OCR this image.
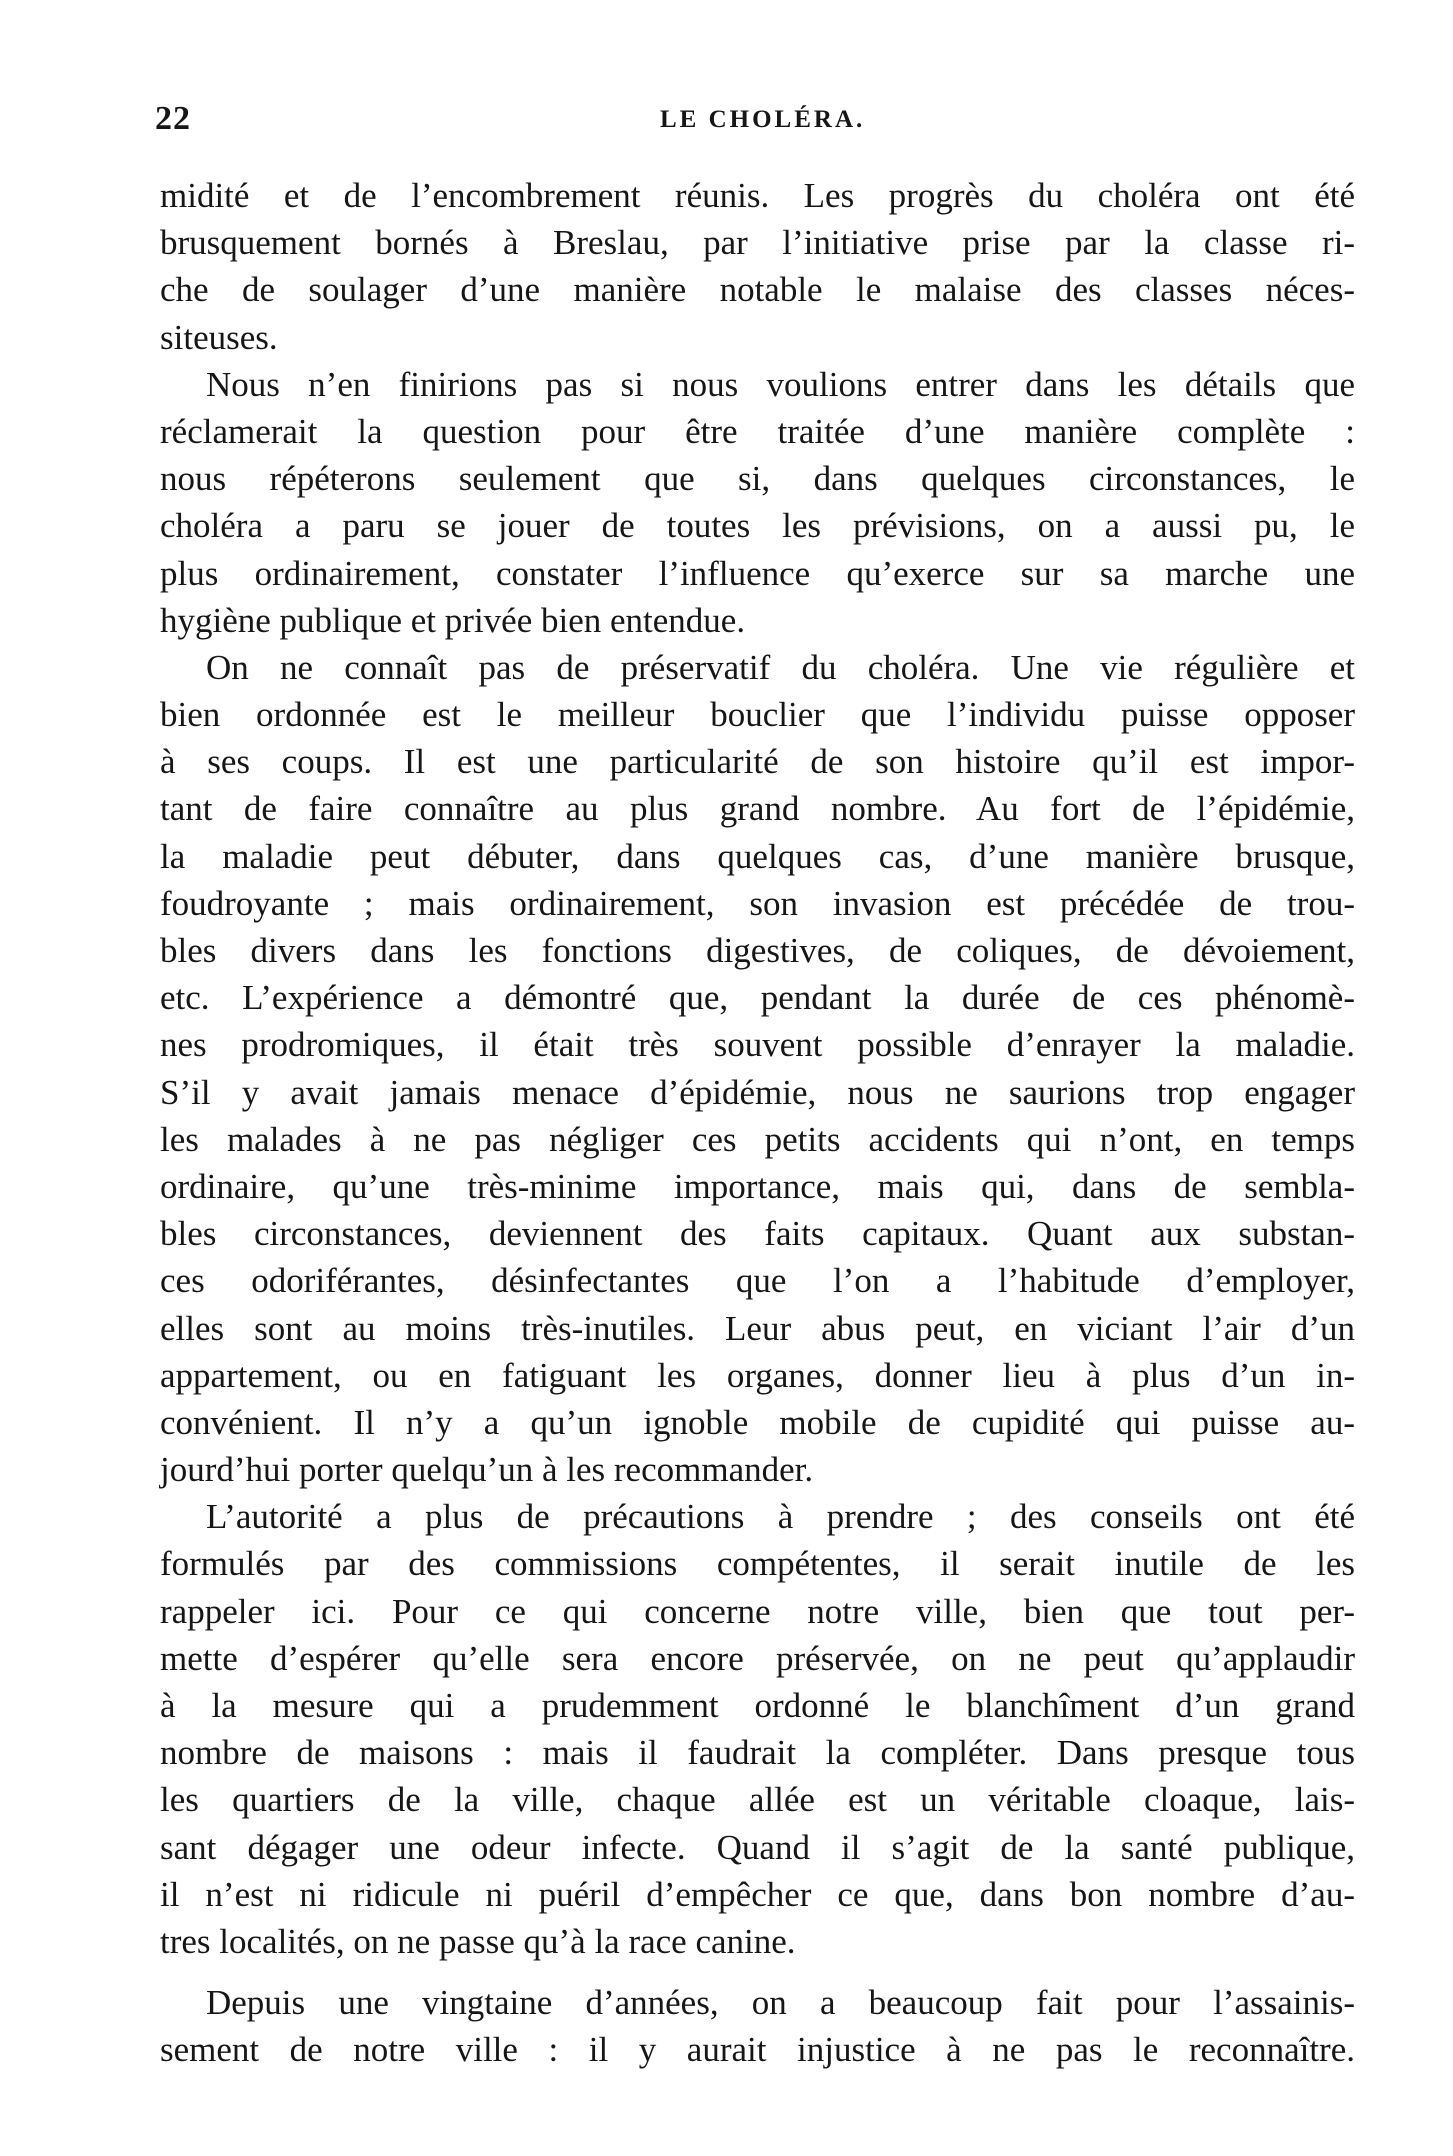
22	LE CHOLÉRA.
midité et de l’encombrement réunis. Les progrès du choléra ont été
brusquement bornés à Breslau, par l’initiative prise par la classe ri-
che de soulager d’une manière notable le malaise des classes néces-
siteuses.
Nous n’en finirions pas si nous voulions entrer dans les détails que
réclamerait la question pour être traitée d’une manière complète :
nous répéterons seulement que si, dans quelques circonstances, le
choléra a paru se jouer de toutes les prévisions, on a aussi pu, le
plus ordinairement, constater l’influence qu’exerce sur sa marche une
hygiène publique et privée bien entendue.
On ne connaît pas de préservatif du choléra. Une vie régulière et
bien ordonnée est le meilleur bouclier que l’individu puisse opposer
à ses coups. Il est une particularité de son histoire qu’il est impor-
tant de faire connaître au plus grand nombre. Au fort de l’épidémie,
la maladie peut débuter, dans quelques cas, d’une manière brusque,
foudroyante ; mais ordinairement, son invasion est précédée de trou-
bles divers dans les fonctions digestives, de coliques, de dévoiement,
etc. L’expérience a démontré que, pendant la durée de ces phénomè-
nes prodromiques, il était très souvent possible d’enrayer la maladie.
S’il y avait jamais menace d’épidémie, nous ne saurions trop engager
les malades à ne pas négliger ces petits accidents qui n’ont, en temps
ordinaire, qu’une très-minime importance, mais qui, dans de sembla-
bles circonstances, deviennent des faits capitaux. Quant aux substan-
ces odoriférantes, désinfectantes que l’on a l’habitude d’employer,
elles sont au moins très-inutiles. Leur abus peut, en viciant l’air d’un
appartement, ou en fatiguant les organes, donner lieu à plus d’un in-
convénient. Il n’y a qu’un ignoble mobile de cupidité qui puisse au-
jourd’hui porter quelqu’un à les recommander.
L’autorité a plus de précautions à prendre ; des conseils ont été
formulés par des commissions compétentes, il serait inutile de les
rappeler ici. Pour ce qui concerne notre ville, bien que tout per-
mette d’espérer qu’elle sera encore préservée, on ne peut qu’applaudir
à la mesure qui a prudemment ordonné le blanchîment d’un grand
nombre de maisons : mais il faudrait la compléter. Dans presque tous
les quartiers de la ville, chaque allée est un véritable cloaque, lais-
sant dégager une odeur infecte. Quand il s’agit de la santé publique,
il n’est ni ridicule ni puéril d’empêcher ce que, dans bon nombre d’au-
tres localités, on ne passe qu’à la race canine.
Depuis une vingtaine d’années, on a beaucoup fait pour l’assainis-
sement de notre ville : il y aurait injustice à ne pas le reconnaître.
